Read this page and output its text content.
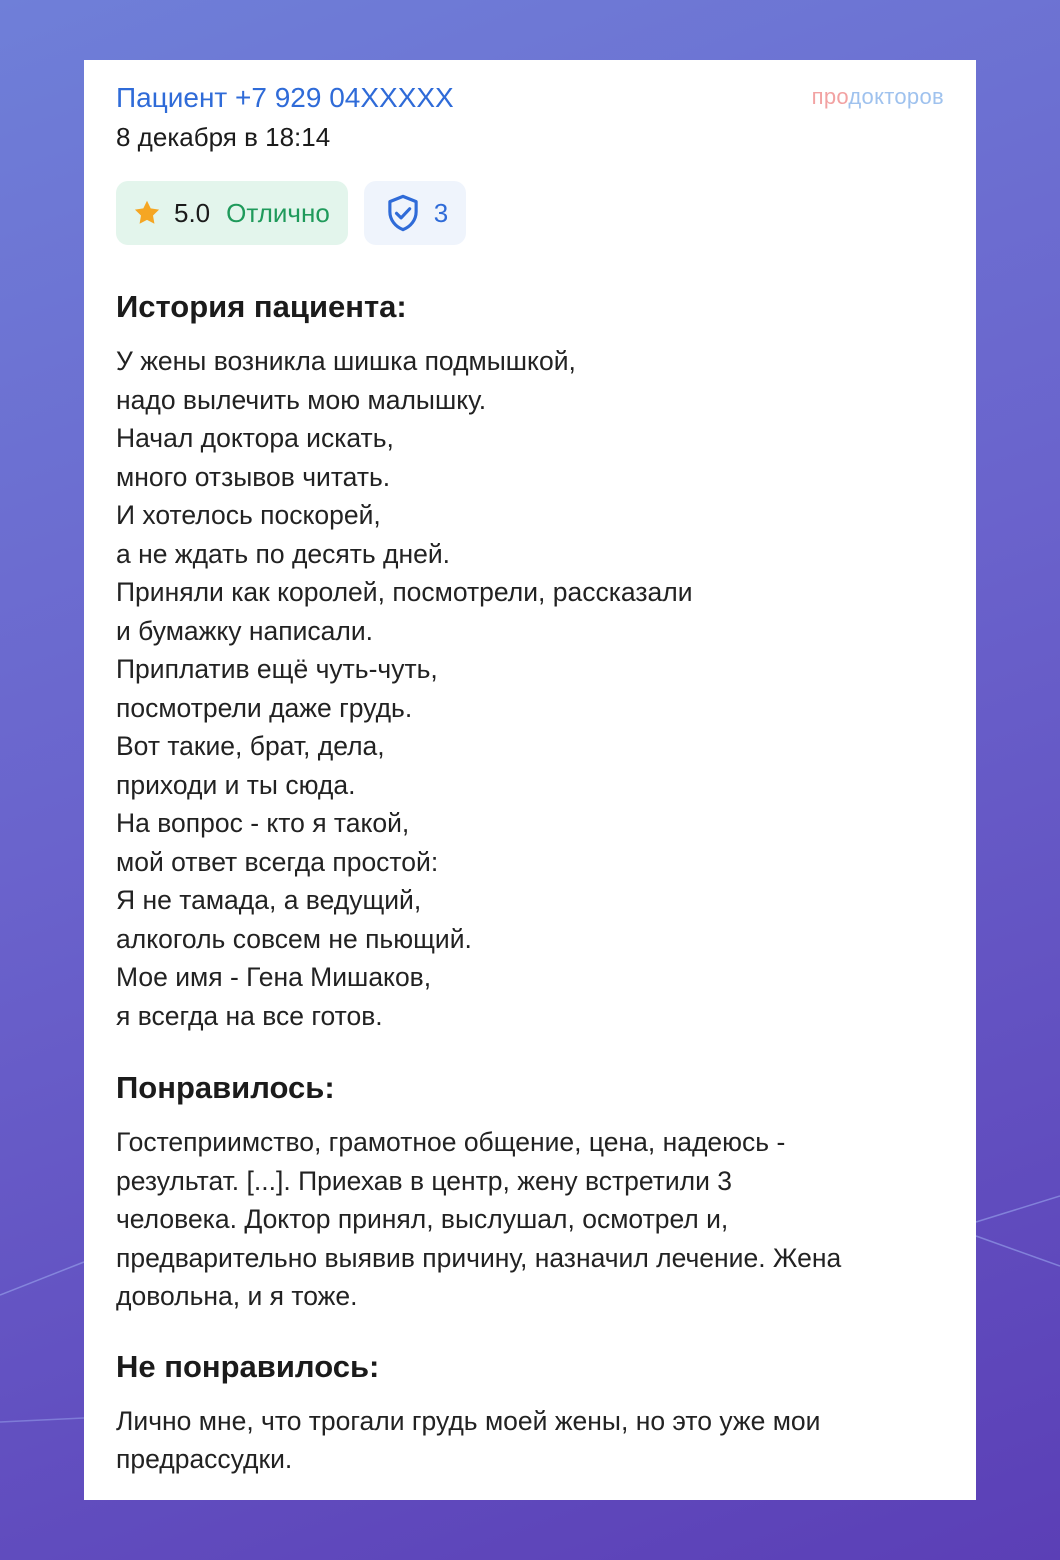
Пациент +7 929 04XXXXX

8 декабря в 18:14

продокторов
5.0 Отлично	3
История пациента:
У жены возникла шишка подмышкой,
надо вылечить мою малышку.
Начал доктора искать,
много отзывов читать.
И хотелось поскорей,
а не ждать по десять дней.
Приняли как королей, посмотрели, рассказали
и бумажку написали.
Приплатив ещё чуть-чуть,
посмотрели даже грудь.
Вот такие, брат, дела,
приходи и ты сюда.
На вопрос - кто я такой,
мой ответ всегда простой:
Я не тамада, а ведущий,
алкоголь совсем не пьющий.
Мое имя - Гена Мишаков,
я всегда на все готов.
Понравилось:
Гостеприимство, грамотное общение, цена, надеюсь -
результат. [...]. Приехав в центр, жену встретили 3
человека. Доктор принял, выслушал, осмотрел и,
предварительно выявив причину, назначил лечение. Жена
довольна, и я тоже.
Не понравилось:
Лично мне, что трогали грудь моей жены, но это уже мои
предрассудки.
